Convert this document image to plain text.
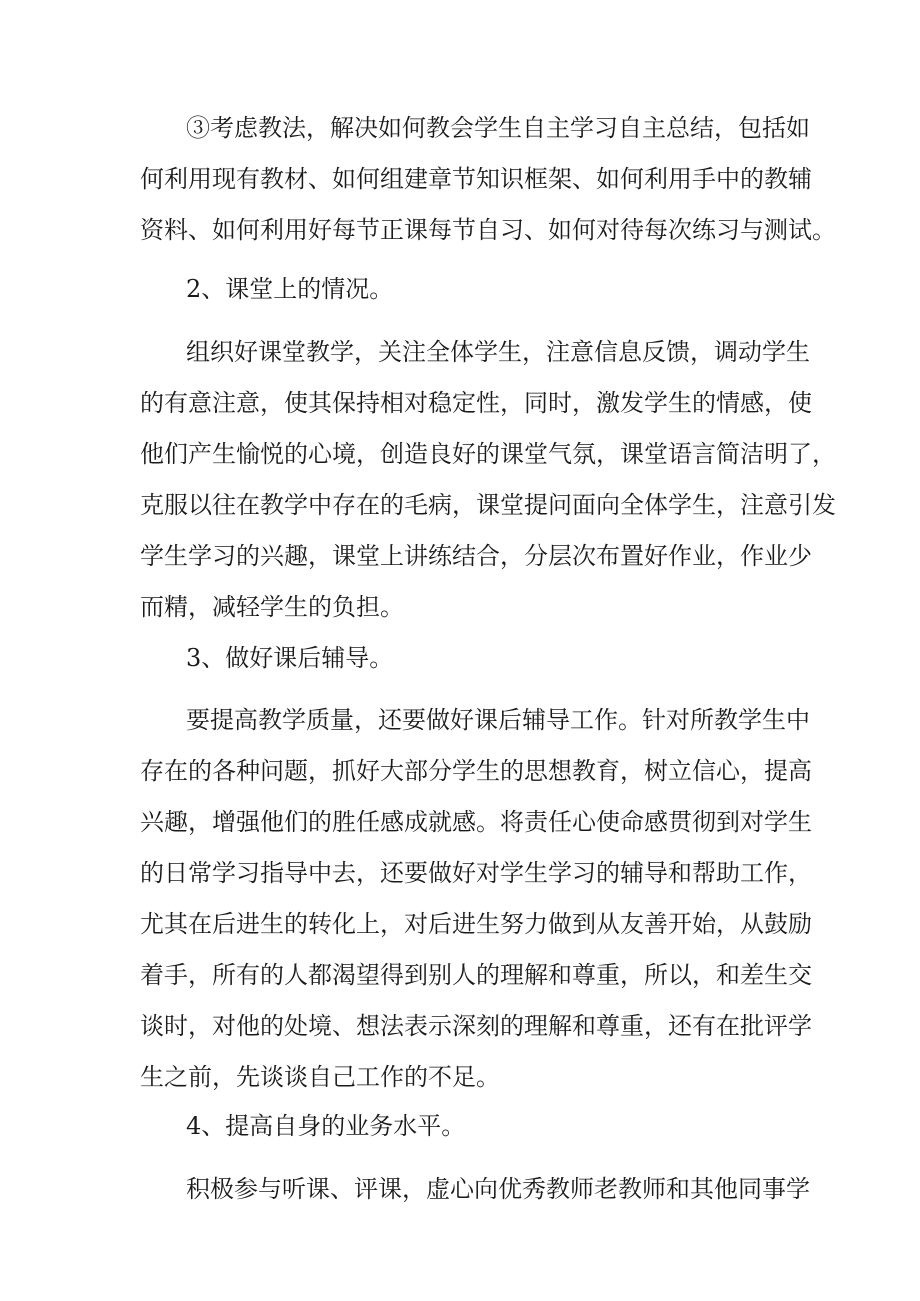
③考虑教法，解决如何教会学生自主学习自主总结，包括如
何利用现有教材、如何组建章节知识框架、如何利用手中的教辅
资料、如何利用好每节正课每节自习、如何对待每次练习与测试。
2、课堂上的情况。
组织好课堂教学，关注全体学生，注意信息反馈，调动学生
的有意注意，使其保持相对稳定性，同时，激发学生的情感，使
他们产生愉悦的心境，创造良好的课堂气氛，课堂语言简洁明了，
克服以往在教学中存在的毛病，课堂提问面向全体学生，注意引发
学生学习的兴趣，课堂上讲练结合，分层次布置好作业，作业少
而精，减轻学生的负担。
3、做好课后辅导。
要提高教学质量，还要做好课后辅导工作。针对所教学生中
存在的各种问题，抓好大部分学生的思想教育，树立信心，提高
兴趣，增强他们的胜任感成就感。将责任心使命感贯彻到对学生
的日常学习指导中去，还要做好对学生学习的辅导和帮助工作，
尤其在后进生的转化上，对后进生努力做到从友善开始，从鼓励
着手，所有的人都渴望得到别人的理解和尊重，所以，和差生交
谈时，对他的处境、想法表示深刻的理解和尊重，还有在批评学
生之前，先谈谈自己工作的不足。
4、提高自身的业务水平。
积极参与听课、评课，虚心向优秀教师老教师和其他同事学
